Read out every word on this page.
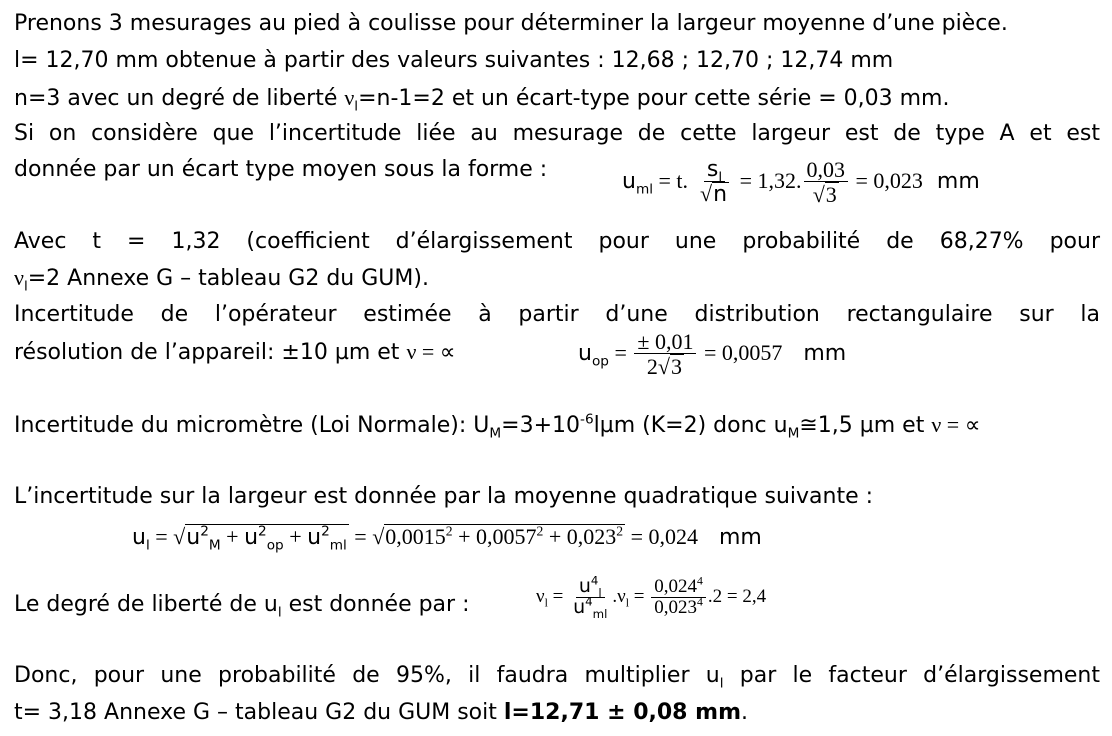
Prenons 3 mesurages au pied à coulisse pour déterminer la largeur moyenne d’une pièce.
l= 12,70 mm obtenue à partir des valeurs suivantes : 12,68 ; 12,70 ; 12,74 mm
n=3 avec un degré de liberté $\nu_l=n-1=2$ et un écart-type pour cette série = 0,03 mm.
Si on considère que l’incertitude liée au mesurage de cette largeur est de type A et est
donnée par un écart type moyen sous la forme :	$u_{ml} = t$. $\frac{s_l}{√n} = 1,32$. $\frac{0,03}{√3} = 0,023$ mm
Avec t = 1,32 (coefficient d’élargissement pour une probabilité de 68,27% pour
$\nu_l=2$ Annexe G – tableau G2 du GUM).
Incertitude de l’opérateur estimée à partir d’une distribution rectangulaire sur la
résolution de l’appareil: ±10 µm et ν = ∝	$u_{op} = \frac{\pm 0,01}{2√3} = 0,0057$ mm
Incertitude du micromètre (Loi Normale): $U_M=3+10^{-6}l\mu m$ (K=2) donc $u_M≅1,5$ µm et ν = ∝
L’incertitude sur la largeur est donnée par la moyenne quadratique suivante :
$u_l = √u^2_M + u^2_{op} + u^2_{ml} = √0,0015^2 + 0,0057^2 + 0,023^2 = 0,024$ mm
Le degré de liberté de $u_l$ est donnée par :	$\nu_l = \frac{u^4_l}{u^4_{ml}} .\nu_l = \frac{0,024^4}{0,023^4} .2 = 2,4$
Donc, pour une probabilité de 95%, il faudra multiplier $u_l$ par le facteur d’élargissement
t= 3,18 Annexe G – tableau G2 du GUM soit l=12,71 ± 0,08 mm.
